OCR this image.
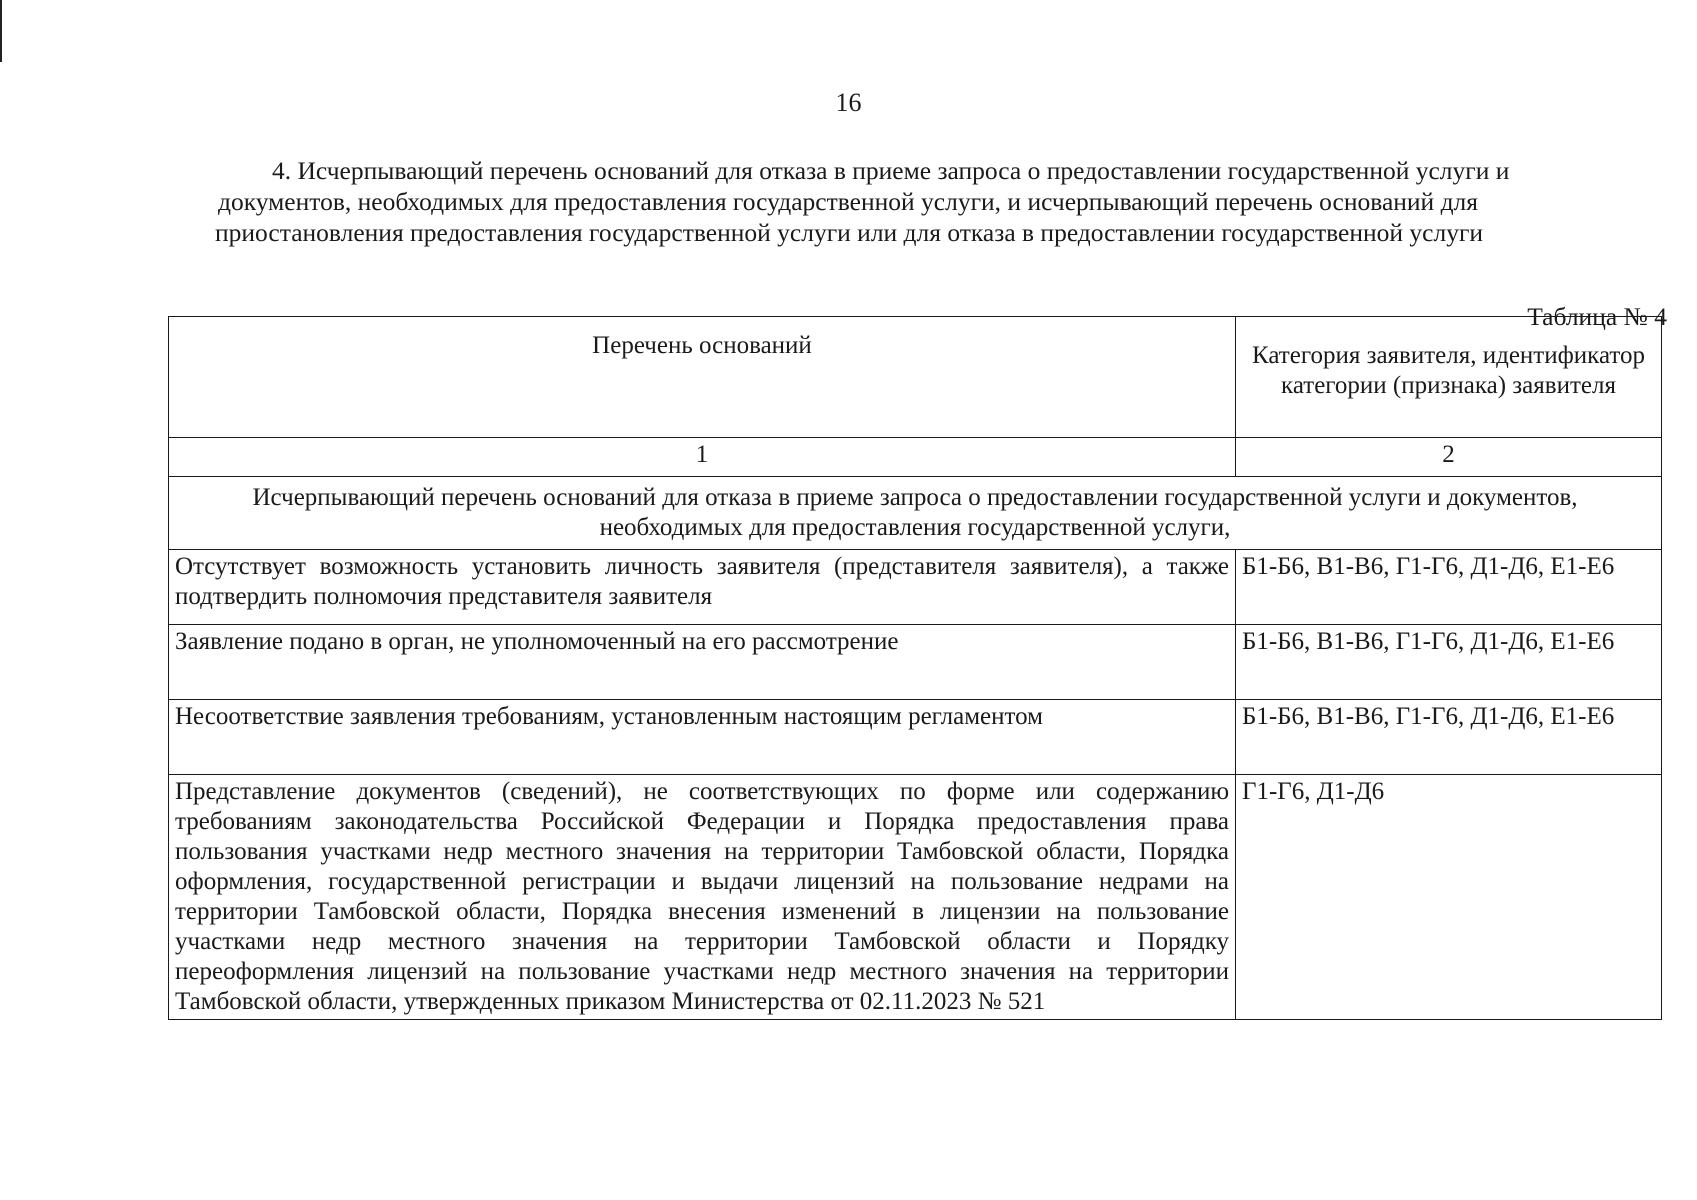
16

4. Исчерпывающий перечень оснований для отказа в приеме запроса о предоставлении государственной услуги и
документов, необходимых для предоставления государственной услуги, и исчерпывающий перечень оснований для
приостановления предоставления государственной услуги или для отказа в предоставлении государственной услуги

Таблица № 4
Перечень оснований	Категория заявителя, идентификатор категории (признака) заявителя
1	2
Исчерпывающий перечень оснований для отказа в приеме запроса о предоставлении государственной услуги и документов, необходимых для предоставления государственной услуги,	
Отсутствует возможность установить личность заявителя (представителя заявителя), а также подтвердить полномочия представителя заявителя	Б1-Б6, В1-В6, Г1-Г6, Д1-Д6, Е1-Е6
Заявление подано в орган, не уполномоченный на его рассмотрение	Б1-Б6, В1-В6, Г1-Г6, Д1-Д6, Е1-Е6
Несоответствие заявления требованиям, установленным настоящим регламентом	Б1-Б6, В1-В6, Г1-Г6, Д1-Д6, Е1-Е6
Представление документов (сведений), не соответствующих по форме или содержанию требованиям законодательства Российской Федерации и Порядка предоставления права пользования участками недр местного значения на территории Тамбовской области, Порядка оформления, государственной регистрации и выдачи лицензий на пользование недрами на территории Тамбовской области, Порядка внесения изменений в лицензии на пользование участками недр местного значения на территории Тамбовской области и Порядку переоформления лицензий на пользование участками недр местного значения на территории Тамбовской области, утвержденных приказом Министерства от 02.11.2023 № 521	Г1-Г6, Д1-Д6
